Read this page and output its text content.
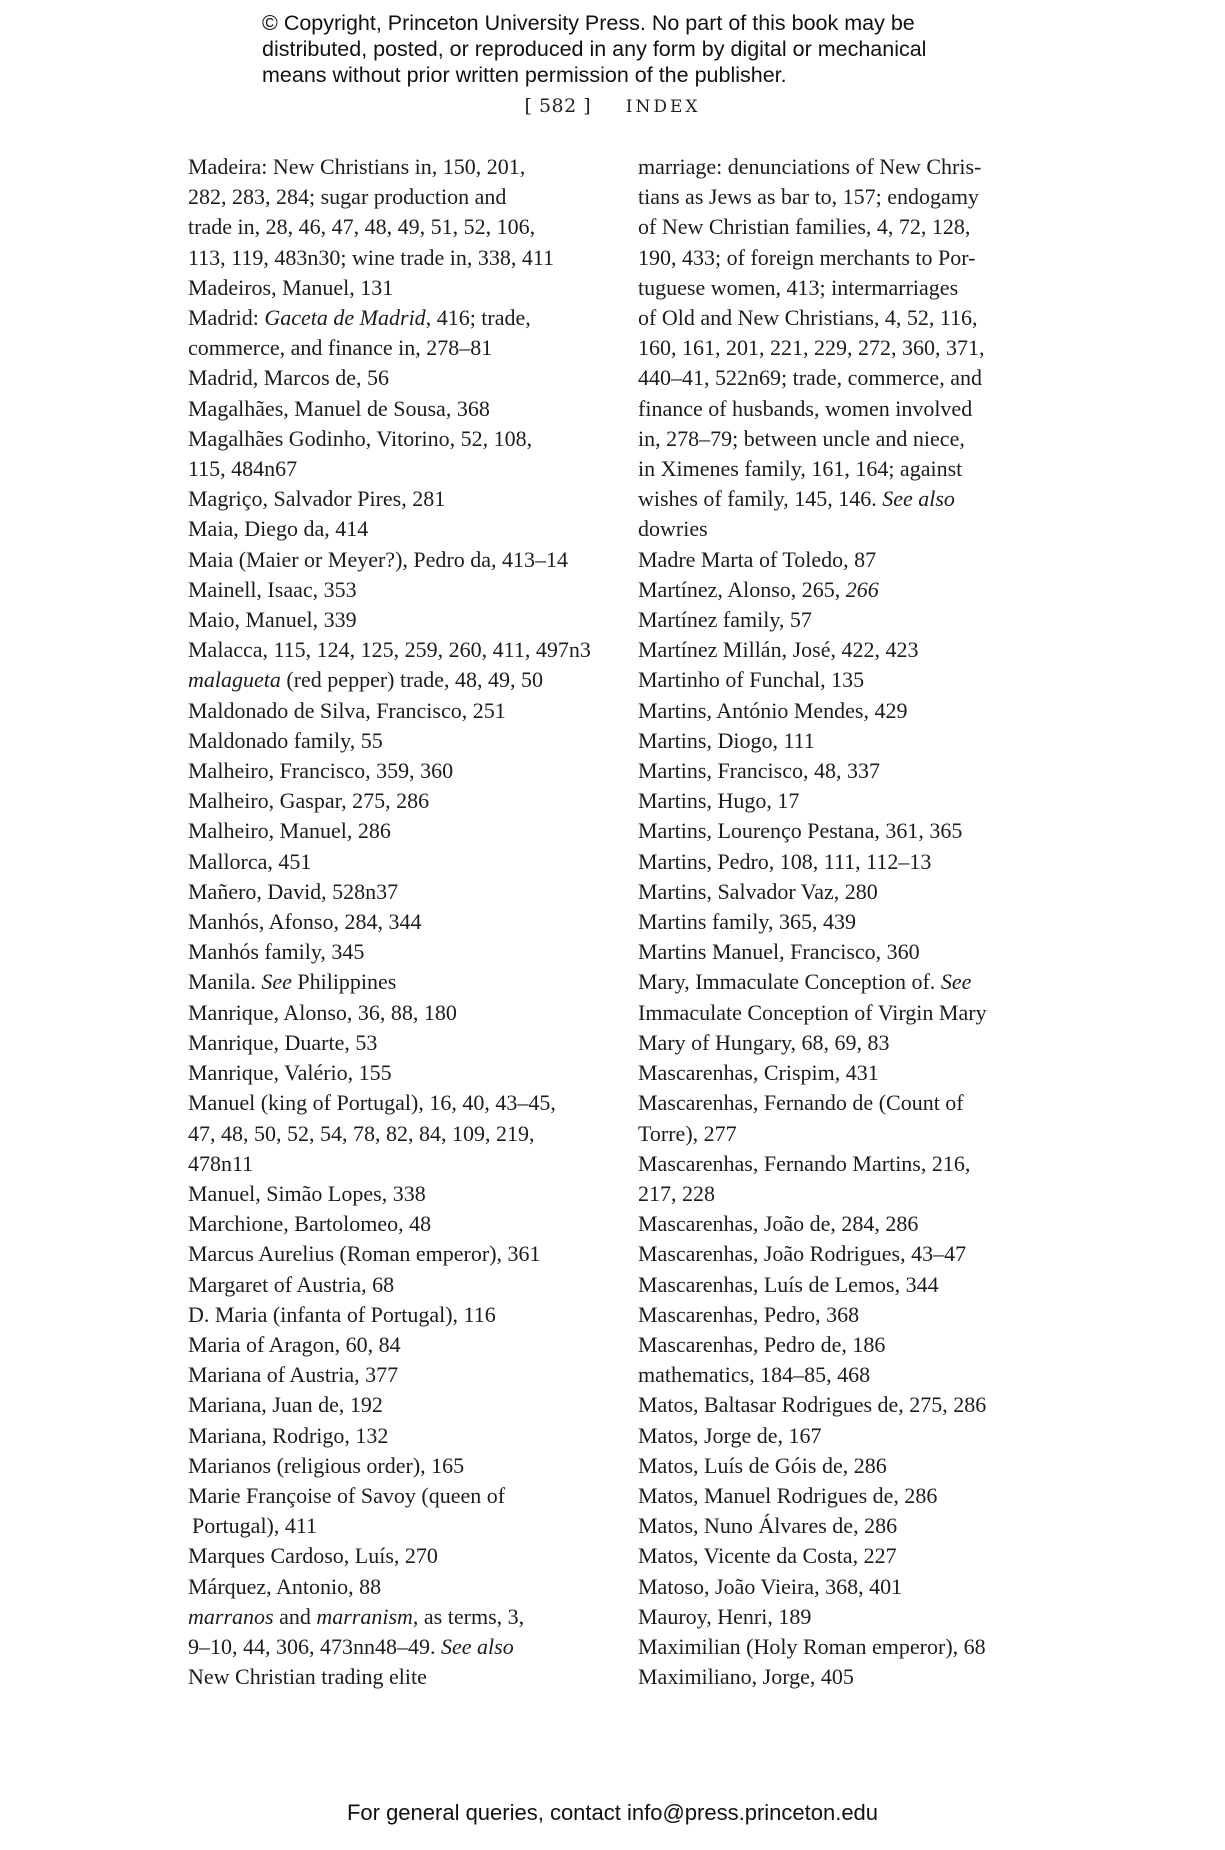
© Copyright, Princeton University Press. No part of this book may be
distributed, posted, or reproduced in any form by digital or mechanical
means without prior written permission of the publisher.
[ 582 ] INDEX

Madeira: New Christians in, 150, 201,
282, 283, 284; sugar production and
trade in, 28, 46, 47, 48, 49, 51, 52, 106,
113, 119, 483n30; wine trade in, 338, 411

Madeiros, Manuel, 131

Madrid: Gaceta de Madrid, 416; trade,
commerce, and finance in, 278–81

Madrid, Marcos de, 56

Magalhães, Manuel de Sousa, 368

Magalhães Godinho, Vitorino, 52, 108,
115, 484n67

Magriço, Salvador Pires, 281

Maia, Diego da, 414

Maia (Maier or Meyer?), Pedro da, 413–14

Mainell, Isaac, 353

Maio, Manuel, 339

Malacca, 115, 124, 125, 259, 260, 411, 497n3

malagueta (red pepper) trade, 48, 49, 50

Maldonado de Silva, Francisco, 251

Maldonado family, 55

Malheiro, Francisco, 359, 360

Malheiro, Gaspar, 275, 286

Malheiro, Manuel, 286

Mallorca, 451

Mañero, David, 528n37

Manhós, Afonso, 284, 344

Manhós family, 345

Manila. See Philippines

Manrique, Alonso, 36, 88, 180

Manrique, Duarte, 53

Manrique, Valério, 155

Manuel (king of Portugal), 16, 40, 43–45,
47, 48, 50, 52, 54, 78, 82, 84, 109, 219,
478n11

Manuel, Simão Lopes, 338

Marchione, Bartolomeo, 48

Marcus Aurelius (Roman emperor), 361

Margaret of Austria, 68

D. Maria (infanta of Portugal), 116

Maria of Aragon, 60, 84

Mariana of Austria, 377

Mariana, Juan de, 192

Mariana, Rodrigo, 132

Marianos (religious order), 165

Marie Françoise of Savoy (queen of
Portugal), 411

Marques Cardoso, Luís, 270

Márquez, Antonio, 88

marranos and marranism, as terms, 3,
9–10, 44, 306, 473nn48–49. See also
New Christian trading elite

marriage: denunciations of New Chris-
tians as Jews as bar to, 157; endogamy
of New Christian families, 4, 72, 128,
190, 433; of foreign merchants to Por-
tuguese women, 413; intermarriages
of Old and New Christians, 4, 52, 116,
160, 161, 201, 221, 229, 272, 360, 371,
440–41, 522n69; trade, commerce, and
finance of husbands, women involved
in, 278–79; between uncle and niece,
in Ximenes family, 161, 164; against
wishes of family, 145, 146. See also
dowries

Madre Marta of Toledo, 87

Martínez, Alonso, 265, 266

Martínez family, 57

Martínez Millán, José, 422, 423

Martinho of Funchal, 135

Martins, António Mendes, 429

Martins, Diogo, 111

Martins, Francisco, 48, 337

Martins, Hugo, 17

Martins, Lourenço Pestana, 361, 365

Martins, Pedro, 108, 111, 112–13

Martins, Salvador Vaz, 280

Martins family, 365, 439

Martins Manuel, Francisco, 360

Mary, Immaculate Conception of. See
Immaculate Conception of Virgin Mary

Mary of Hungary, 68, 69, 83

Mascarenhas, Crispim, 431

Mascarenhas, Fernando de (Count of
Torre), 277

Mascarenhas, Fernando Martins, 216,
217, 228

Mascarenhas, João de, 284, 286

Mascarenhas, João Rodrigues, 43–47

Mascarenhas, Luís de Lemos, 344

Mascarenhas, Pedro, 368

Mascarenhas, Pedro de, 186

mathematics, 184–85, 468

Matos, Baltasar Rodrigues de, 275, 286

Matos, Jorge de, 167

Matos, Luís de Góis de, 286

Matos, Manuel Rodrigues de, 286

Matos, Nuno Álvares de, 286

Matos, Vicente da Costa, 227

Matoso, João Vieira, 368, 401

Mauroy, Henri, 189

Maximilian (Holy Roman emperor), 68

Maximiliano, Jorge, 405

For general queries, contact info@press.princeton.edu
